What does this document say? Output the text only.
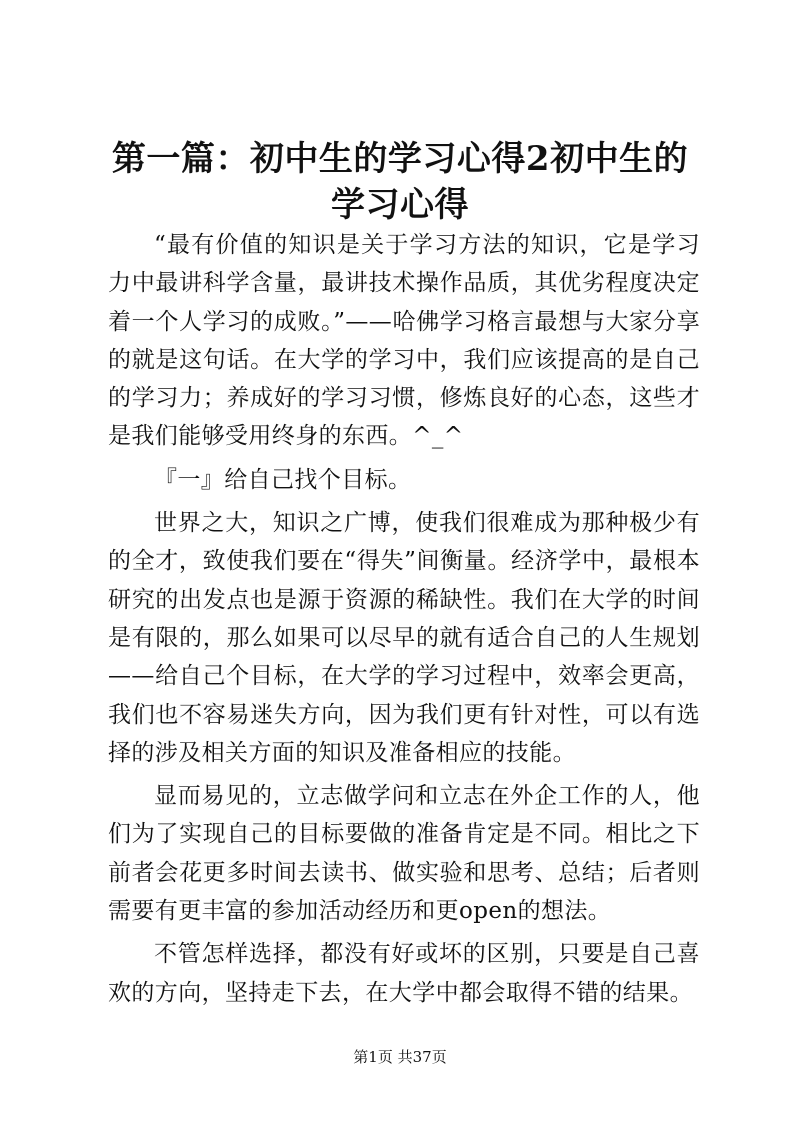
第一篇：初中生的学习心得2初中生的学习心得

“最有价值的知识是关于学习方法的知识，它是学习力中最讲科学含量，最讲技术操作品质，其优劣程度决定着一个人学习的成败。”——哈佛学习格言最想与大家分享的就是这句话。在大学的学习中，我们应该提高的是自己的学习力；养成好的学习习惯，修炼良好的心态，这些才是我们能够受用终身的东西。^_^

『一』给自己找个目标。

世界之大，知识之广博，使我们很难成为那种极少有的全才，致使我们要在“得失”间衡量。经济学中，最根本研究的出发点也是源于资源的稀缺性。我们在大学的时间是有限的，那么如果可以尽早的就有适合自己的人生规划——给自己个目标，在大学的学习过程中，效率会更高，我们也不容易迷失方向，因为我们更有针对性，可以有选择的涉及相关方面的知识及准备相应的技能。

显而易见的，立志做学问和立志在外企工作的人，他们为了实现自己的目标要做的准备肯定是不同。相比之下前者会花更多时间去读书、做实验和思考、总结；后者则需要有更丰富的参加活动经历和更open的想法。

不管怎样选择，都没有好或坏的区别，只要是自己喜欢的方向，坚持走下去，在大学中都会取得不错的结果。

第1页 共37页
